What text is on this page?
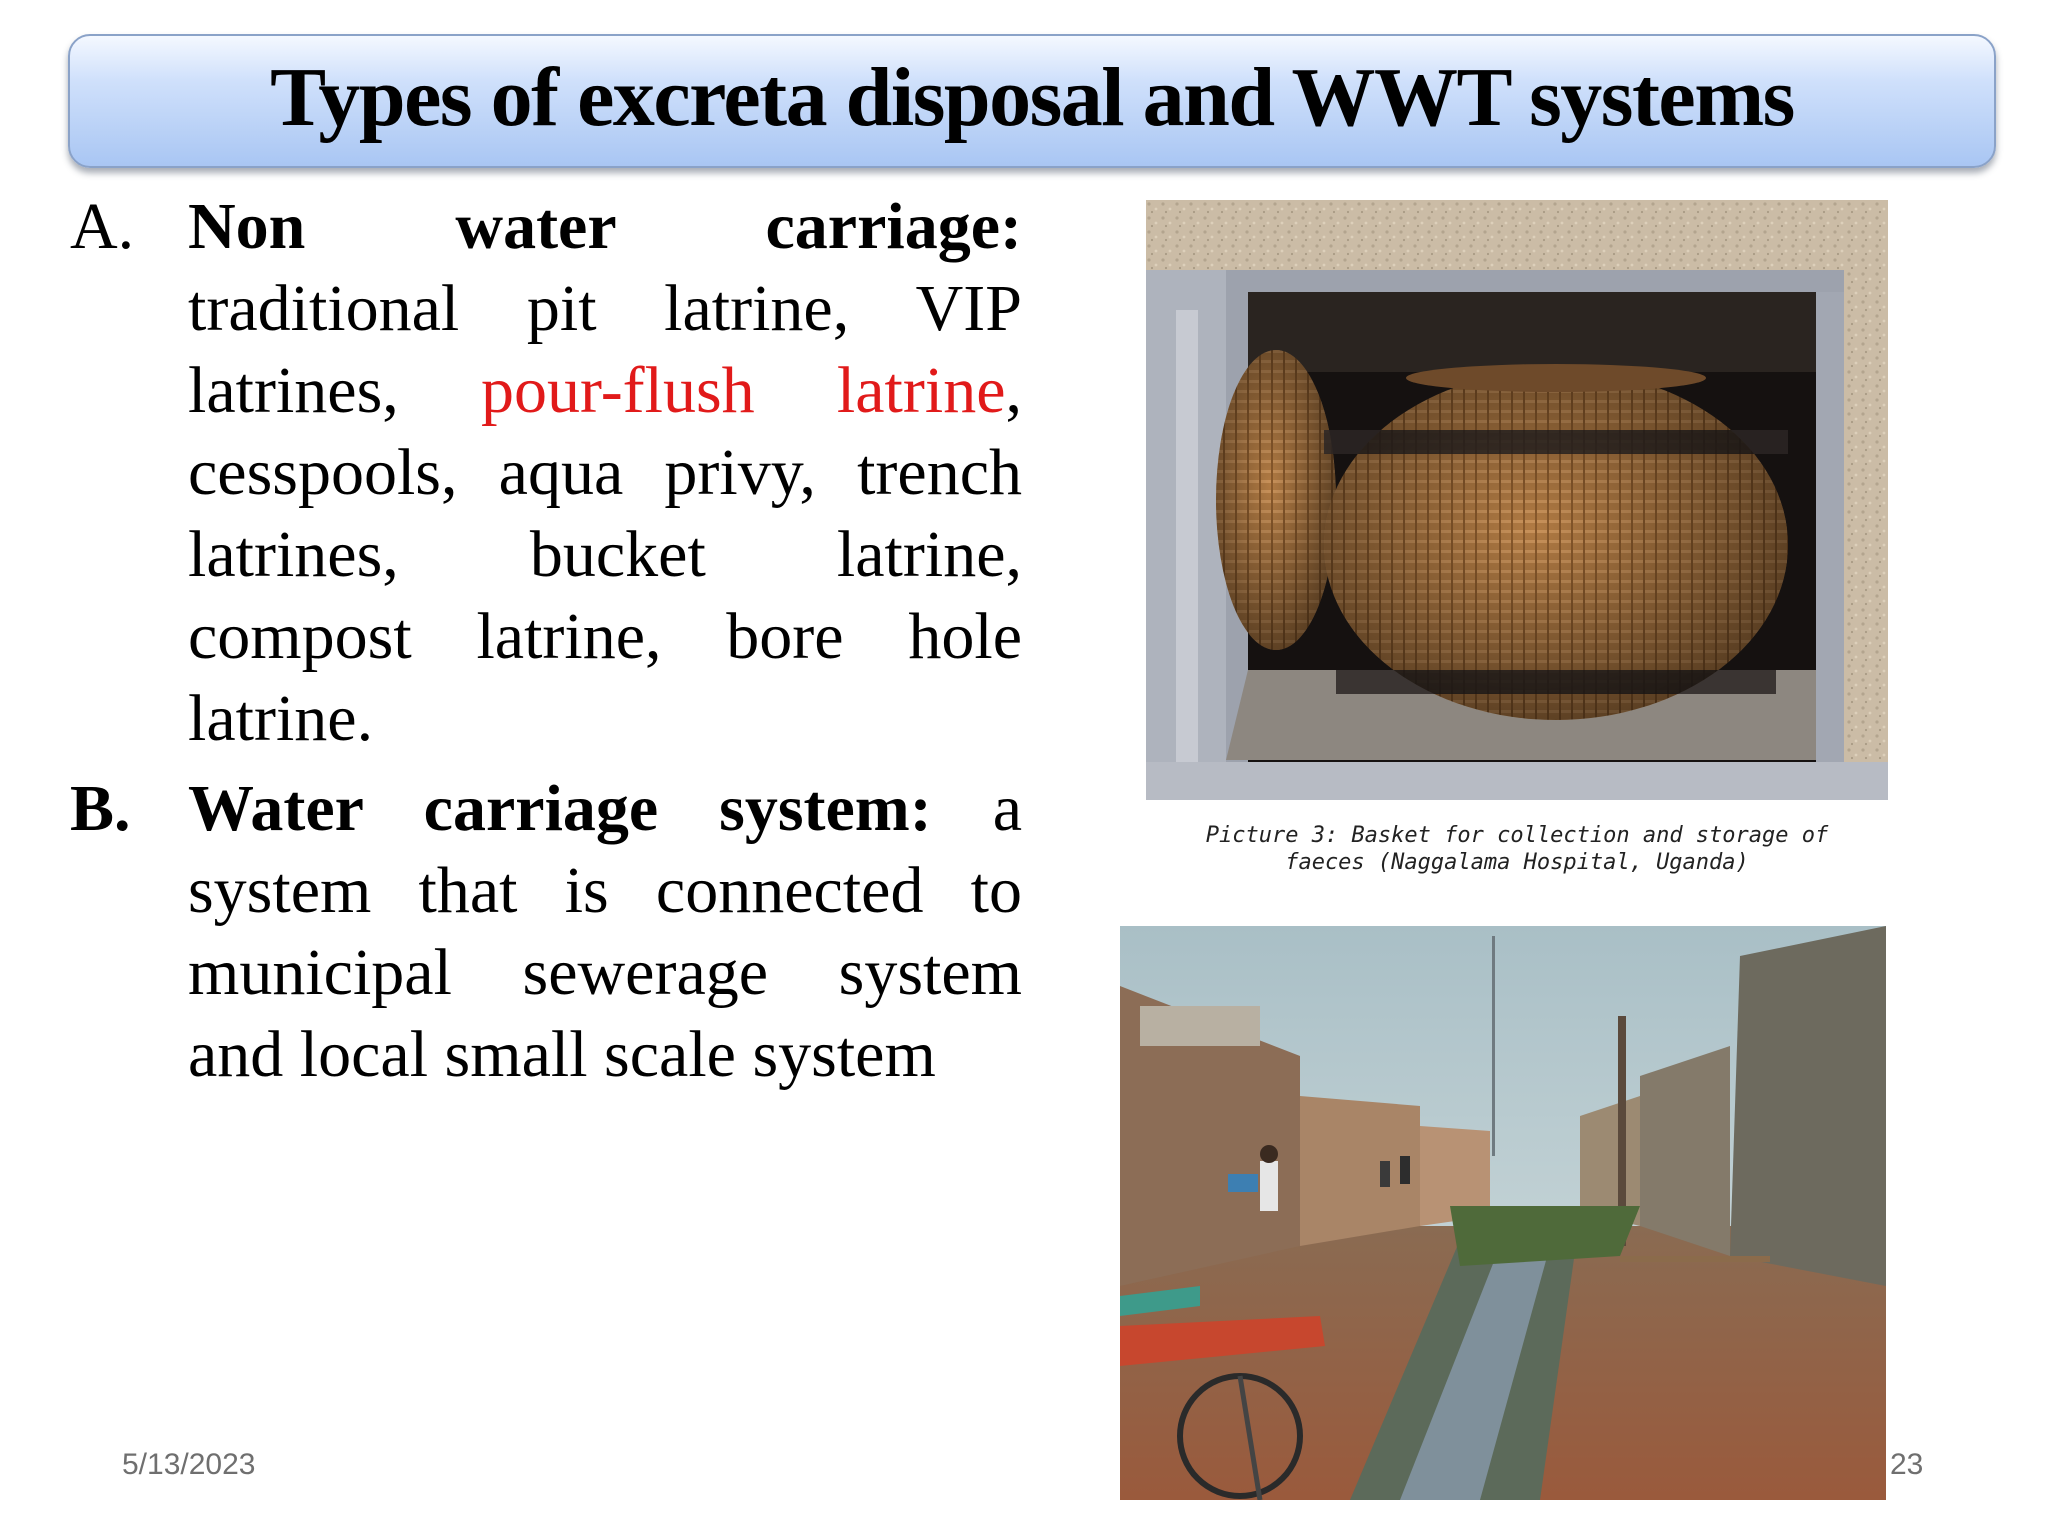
Types of excreta disposal and WWT systems
A. Non water carriage: traditional pit latrine, VIP latrines, pour-flush latrine, cesspools, aqua privy, trench latrines, bucket latrine, compost latrine, bore hole latrine.
B. Water carriage system: a system that is connected to municipal sewerage system and local small scale system
Picture 3: Basket for collection and storage of
faeces (Naggalama Hospital, Uganda)
5/13/2023	23
